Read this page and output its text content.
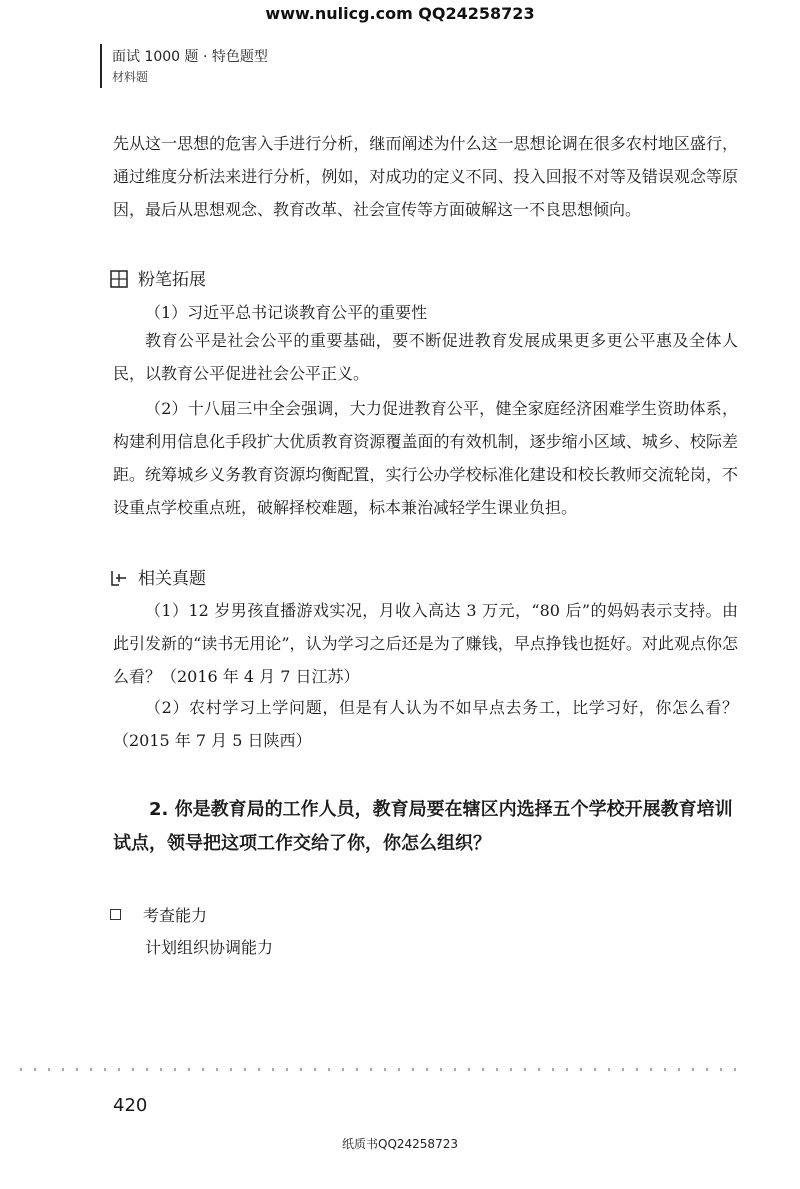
www.nulicg.com QQ24258723
面试 1000 题 · 特色题型
材料题
先从这一思想的危害入手进行分析，继而阐述为什么这一思想论调在很多农村地区盛行，通过维度分析法来进行分析，例如，对成功的定义不同、投入回报不对等及错误观念等原因，最后从思想观念、教育改革、社会宣传等方面破解这一不良思想倾向。
粉笔拓展
（1）习近平总书记谈教育公平的重要性
教育公平是社会公平的重要基础，要不断促进教育发展成果更多更公平惠及全体人民，以教育公平促进社会公平正义。
（2）十八届三中全会强调，大力促进教育公平，健全家庭经济困难学生资助体系，构建利用信息化手段扩大优质教育资源覆盖面的有效机制，逐步缩小区域、城乡、校际差距。统筹城乡义务教育资源均衡配置，实行公办学校标准化建设和校长教师交流轮岗，不设重点学校重点班，破解择校难题，标本兼治减轻学生课业负担。
相关真题
（1）12 岁男孩直播游戏实况，月收入高达 3 万元，“80 后”的妈妈表示支持。由此引发新的“读书无用论”，认为学习之后还是为了赚钱，早点挣钱也挺好。对此观点你怎么看？（2016 年 4 月 7 日江苏）
（2）农村学习上学问题，但是有人认为不如早点去务工，比学习好，你怎么看？（2015 年 7 月 5 日陕西）
2. 你是教育局的工作人员，教育局要在辖区内选择五个学校开展教育培训试点，领导把这项工作交给了你，你怎么组织？
考查能力
计划组织协调能力
420
纸质书QQ24258723
